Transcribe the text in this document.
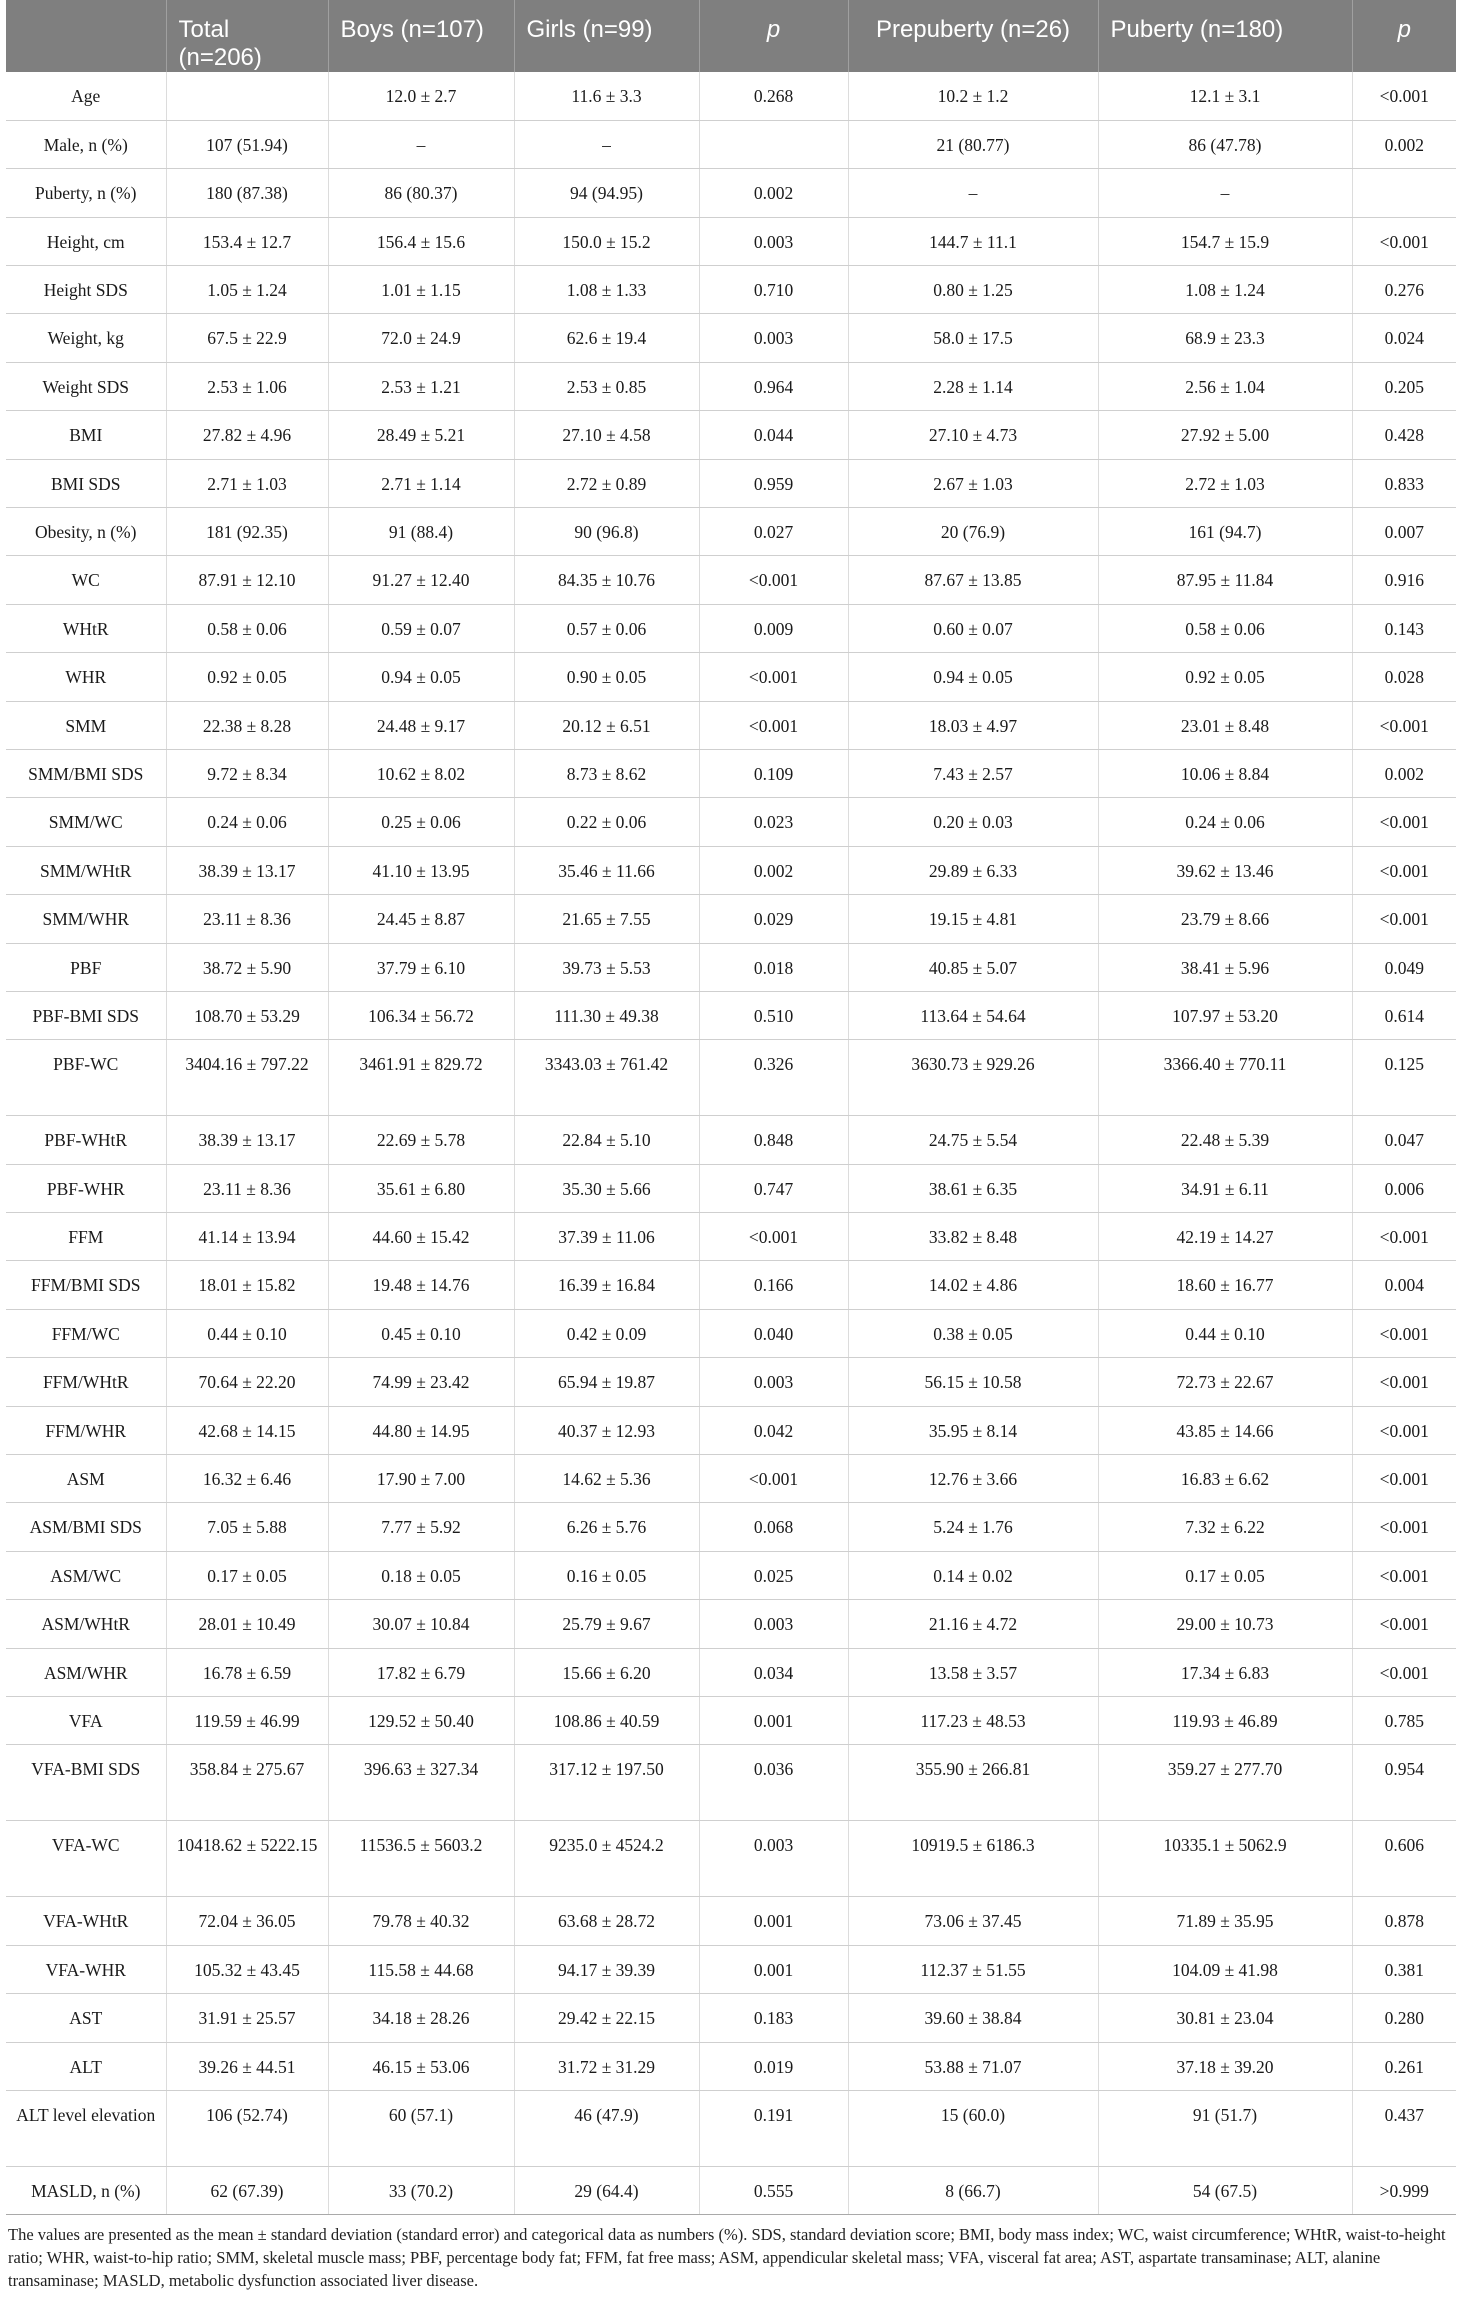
	Total (n=206)	Boys (n=107)	Girls (n=99)	p	Prepuberty (n=26)	Puberty (n=180)	p
Age		12.0 ± 2.7	11.6 ± 3.3	0.268	10.2 ± 1.2	12.1 ± 3.1	<0.001
Male, n (%)	107 (51.94)	–	–		21 (80.77)	86 (47.78)	0.002
Puberty, n (%)	180 (87.38)	86 (80.37)	94 (94.95)	0.002	–	–	
Height, cm	153.4 ± 12.7	156.4 ± 15.6	150.0 ± 15.2	0.003	144.7 ± 11.1	154.7 ± 15.9	<0.001
Height SDS	1.05 ± 1.24	1.01 ± 1.15	1.08 ± 1.33	0.710	0.80 ± 1.25	1.08 ± 1.24	0.276
Weight, kg	67.5 ± 22.9	72.0 ± 24.9	62.6 ± 19.4	0.003	58.0 ± 17.5	68.9 ± 23.3	0.024
Weight SDS	2.53 ± 1.06	2.53 ± 1.21	2.53 ± 0.85	0.964	2.28 ± 1.14	2.56 ± 1.04	0.205
BMI	27.82 ± 4.96	28.49 ± 5.21	27.10 ± 4.58	0.044	27.10 ± 4.73	27.92 ± 5.00	0.428
BMI SDS	2.71 ± 1.03	2.71 ± 1.14	2.72 ± 0.89	0.959	2.67 ± 1.03	2.72 ± 1.03	0.833
Obesity, n (%)	181 (92.35)	91 (88.4)	90 (96.8)	0.027	20 (76.9)	161 (94.7)	0.007
WC	87.91 ± 12.10	91.27 ± 12.40	84.35 ± 10.76	<0.001	87.67 ± 13.85	87.95 ± 11.84	0.916
WHtR	0.58 ± 0.06	0.59 ± 0.07	0.57 ± 0.06	0.009	0.60 ± 0.07	0.58 ± 0.06	0.143
WHR	0.92 ± 0.05	0.94 ± 0.05	0.90 ± 0.05	<0.001	0.94 ± 0.05	0.92 ± 0.05	0.028
SMM	22.38 ± 8.28	24.48 ± 9.17	20.12 ± 6.51	<0.001	18.03 ± 4.97	23.01 ± 8.48	<0.001
SMM/BMI SDS	9.72 ± 8.34	10.62 ± 8.02	8.73 ± 8.62	0.109	7.43 ± 2.57	10.06 ± 8.84	0.002
SMM/WC	0.24 ± 0.06	0.25 ± 0.06	0.22 ± 0.06	0.023	0.20 ± 0.03	0.24 ± 0.06	<0.001
SMM/WHtR	38.39 ± 13.17	41.10 ± 13.95	35.46 ± 11.66	0.002	29.89 ± 6.33	39.62 ± 13.46	<0.001
SMM/WHR	23.11 ± 8.36	24.45 ± 8.87	21.65 ± 7.55	0.029	19.15 ± 4.81	23.79 ± 8.66	<0.001
PBF	38.72 ± 5.90	37.79 ± 6.10	39.73 ± 5.53	0.018	40.85 ± 5.07	38.41 ± 5.96	0.049
PBF-BMI SDS	108.70 ± 53.29	106.34 ± 56.72	111.30 ± 49.38	0.510	113.64 ± 54.64	107.97 ± 53.20	0.614
PBF-WC	3404.16 ± 797.22	3461.91 ± 829.72	3343.03 ± 761.42	0.326	3630.73 ± 929.26	3366.40 ± 770.11	0.125
PBF-WHtR	38.39 ± 13.17	22.69 ± 5.78	22.84 ± 5.10	0.848	24.75 ± 5.54	22.48 ± 5.39	0.047
PBF-WHR	23.11 ± 8.36	35.61 ± 6.80	35.30 ± 5.66	0.747	38.61 ± 6.35	34.91 ± 6.11	0.006
FFM	41.14 ± 13.94	44.60 ± 15.42	37.39 ± 11.06	<0.001	33.82 ± 8.48	42.19 ± 14.27	<0.001
FFM/BMI SDS	18.01 ± 15.82	19.48 ± 14.76	16.39 ± 16.84	0.166	14.02 ± 4.86	18.60 ± 16.77	0.004
FFM/WC	0.44 ± 0.10	0.45 ± 0.10	0.42 ± 0.09	0.040	0.38 ± 0.05	0.44 ± 0.10	<0.001
FFM/WHtR	70.64 ± 22.20	74.99 ± 23.42	65.94 ± 19.87	0.003	56.15 ± 10.58	72.73 ± 22.67	<0.001
FFM/WHR	42.68 ± 14.15	44.80 ± 14.95	40.37 ± 12.93	0.042	35.95 ± 8.14	43.85 ± 14.66	<0.001
ASM	16.32 ± 6.46	17.90 ± 7.00	14.62 ± 5.36	<0.001	12.76 ± 3.66	16.83 ± 6.62	<0.001
ASM/BMI SDS	7.05 ± 5.88	7.77 ± 5.92	6.26 ± 5.76	0.068	5.24 ± 1.76	7.32 ± 6.22	<0.001
ASM/WC	0.17 ± 0.05	0.18 ± 0.05	0.16 ± 0.05	0.025	0.14 ± 0.02	0.17 ± 0.05	<0.001
ASM/WHtR	28.01 ± 10.49	30.07 ± 10.84	25.79 ± 9.67	0.003	21.16 ± 4.72	29.00 ± 10.73	<0.001
ASM/WHR	16.78 ± 6.59	17.82 ± 6.79	15.66 ± 6.20	0.034	13.58 ± 3.57	17.34 ± 6.83	<0.001
VFA	119.59 ± 46.99	129.52 ± 50.40	108.86 ± 40.59	0.001	117.23 ± 48.53	119.93 ± 46.89	0.785
VFA-BMI SDS	358.84 ± 275.67	396.63 ± 327.34	317.12 ± 197.50	0.036	355.90 ± 266.81	359.27 ± 277.70	0.954
VFA-WC	10418.62 ± 5222.15	11536.5 ± 5603.2	9235.0 ± 4524.2	0.003	10919.5 ± 6186.3	10335.1 ± 5062.9	0.606
VFA-WHtR	72.04 ± 36.05	79.78 ± 40.32	63.68 ± 28.72	0.001	73.06 ± 37.45	71.89 ± 35.95	0.878
VFA-WHR	105.32 ± 43.45	115.58 ± 44.68	94.17 ± 39.39	0.001	112.37 ± 51.55	104.09 ± 41.98	0.381
AST	31.91 ± 25.57	34.18 ± 28.26	29.42 ± 22.15	0.183	39.60 ± 38.84	30.81 ± 23.04	0.280
ALT	39.26 ± 44.51	46.15 ± 53.06	31.72 ± 31.29	0.019	53.88 ± 71.07	37.18 ± 39.20	0.261
ALT level elevation	106 (52.74)	60 (57.1)	46 (47.9)	0.191	15 (60.0)	91 (51.7)	0.437
MASLD, n (%)	62 (67.39)	33 (70.2)	29 (64.4)	0.555	8 (66.7)	54 (67.5)	>0.999
The values are presented as the mean ± standard deviation (standard error) and categorical data as numbers (%). SDS, standard deviation score; BMI, body mass index; WC, waist circumference; WHtR, waist-to-height ratio; WHR, waist-to-hip ratio; SMM, skeletal muscle mass; PBF, percentage body fat; FFM, fat free mass; ASM, appendicular skeletal mass; VFA, visceral fat area; AST, aspartate transaminase; ALT, alanine transaminase; MASLD, metabolic dysfunction associated liver disease.
